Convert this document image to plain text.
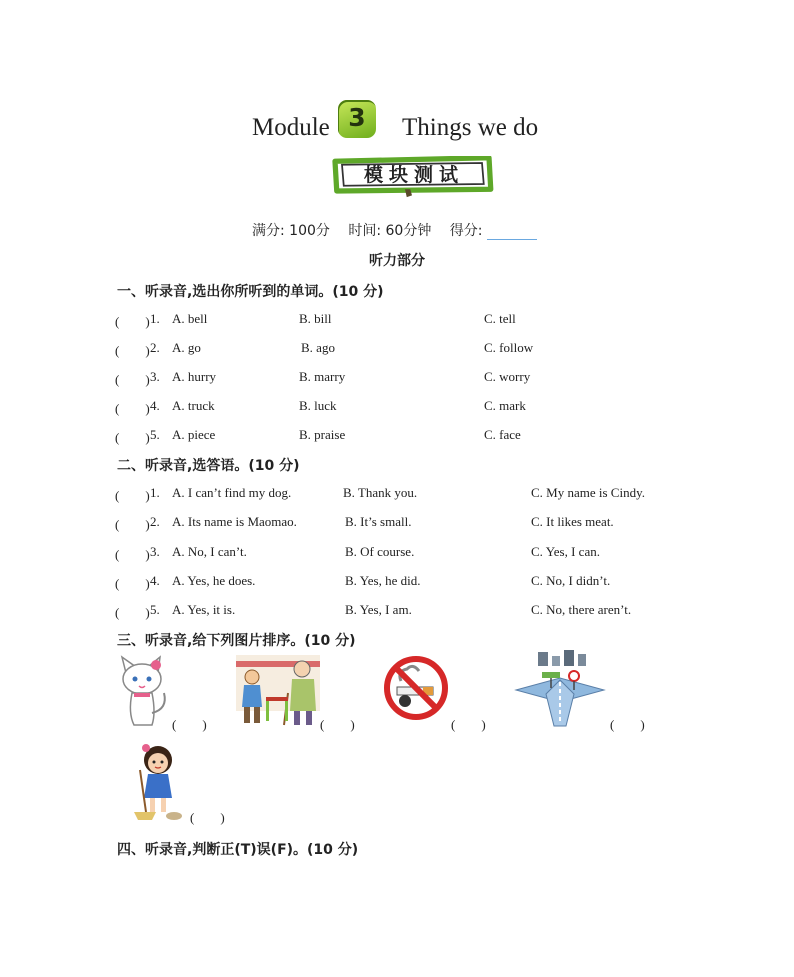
Module 3	Things we do
模块测试
满分: 100分 时间: 60分钟 得分:
听力部分
一、听录音,选出你所听到的单词。(10 分)
(　　) 1. A. bell	B. bill	C. tell
(　　) 2. A. go	B. ago	C. follow
(　　) 3. A. hurry	B. marry	C. worry
(　　) 4. A. truck	B. luck	C. mark
(　　) 5. A. piece	B. praise	C. face
二、听录音,选答语。(10 分)
(　　) 1. A. I can’t find my dog.	B. Thank you.	C. My name is Cindy.
(　　) 2. A. Its name is Maomao.	B. It’s small.	C. It likes meat.
(　　) 3. A. No, I can’t.	B. Of course.	C. Yes, I can.
(　　) 4. A. Yes, he does.	B. Yes, he did.	C. No, I didn’t.
(　　) 5. A. Yes, it is.	B. Yes, I am.	C. No, there aren’t.
三、听录音,给下列图片排序。(10 分)
(　　)	(　　)	(　　)	(　　)
(　　)
四、听录音,判断正(T)误(F)。(10 分)
